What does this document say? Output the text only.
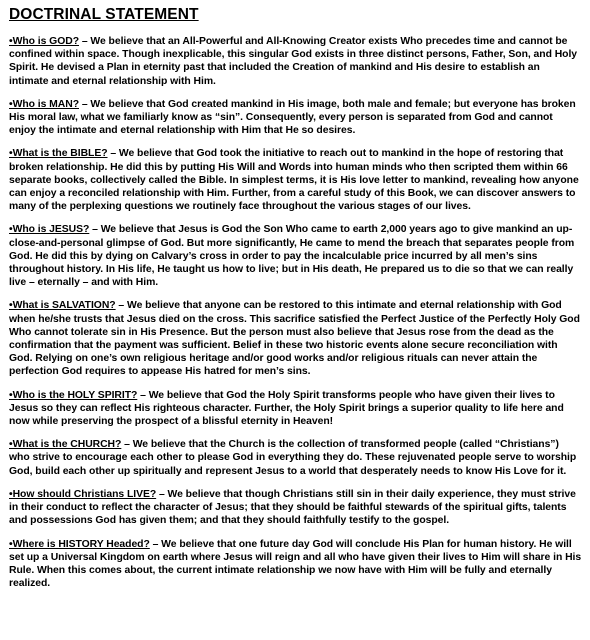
DOCTRINAL STATEMENT

•Who is GOD? – We believe that an All-Powerful and All-Knowing Creator exists Who precedes time and cannot be confined within space. Though inexplicable, this singular God exists in three distinct persons, Father, Son, and Holy Spirit. He devised a Plan in eternity past that included the Creation of mankind and His desire to establish an intimate and eternal relationship with Him.

•Who is MAN? – We believe that God created mankind in His image, both male and female; but everyone has broken His moral law, what we familiarly know as “sin”. Consequently, every person is separated from God and cannot enjoy the intimate and eternal relationship with Him that He so desires.

•What is the BIBLE? – We believe that God took the initiative to reach out to mankind in the hope of restoring that broken relationship. He did this by putting His Will and Words into human minds who then scripted them within 66 separate books, collectively called the Bible. In simplest terms, it is His love letter to mankind, revealing how anyone can enjoy a reconciled relationship with Him. Further, from a careful study of this Book, we can discover answers to many of the perplexing questions we routinely face throughout the various stages of our lives.

•Who is JESUS? – We believe that Jesus is God the Son Who came to earth 2,000 years ago to give mankind an up-close-and-personal glimpse of God. But more significantly, He came to mend the breach that separates people from God. He did this by dying on Calvary’s cross in order to pay the incalculable price incurred by all men’s sins throughout history. In His life, He taught us how to live; but in His death, He prepared us to die so that we can really live – eternally – and with Him.

•What is SALVATION? – We believe that anyone can be restored to this intimate and eternal relationship with God when he/she trusts that Jesus died on the cross. This sacrifice satisfied the Perfect Justice of the Perfectly Holy God Who cannot tolerate sin in His Presence. But the person must also believe that Jesus rose from the dead as the confirmation that the payment was sufficient. Belief in these two historic events alone secure reconciliation with God. Relying on one’s own religious heritage and/or good works and/or religious rituals can never attain the perfection God requires to appease His hatred for men’s sins.

•Who is the HOLY SPIRIT? – We believe that God the Holy Spirit transforms people who have given their lives to Jesus so they can reflect His righteous character. Further, the Holy Spirit brings a superior quality to life here and now while preserving the prospect of a blissful eternity in Heaven!

•What is the CHURCH? – We believe that the Church is the collection of transformed people (called “Christians”) who strive to encourage each other to please God in everything they do. These rejuvenated people serve to worship God, build each other up spiritually and represent Jesus to a world that desperately needs to know His Love for it.

•How should Christians LIVE? – We believe that though Christians still sin in their daily experience, they must strive in their conduct to reflect the character of Jesus; that they should be faithful stewards of the spiritual gifts, talents and possessions God has given them; and that they should faithfully testify to the gospel.

•Where is HISTORY Headed? – We believe that one future day God will conclude His Plan for human history. He will set up a Universal Kingdom on earth where Jesus will reign and all who have given their lives to Him will share in His Rule. When this comes about, the current intimate relationship we now have with Him will be fully and eternally realized.
